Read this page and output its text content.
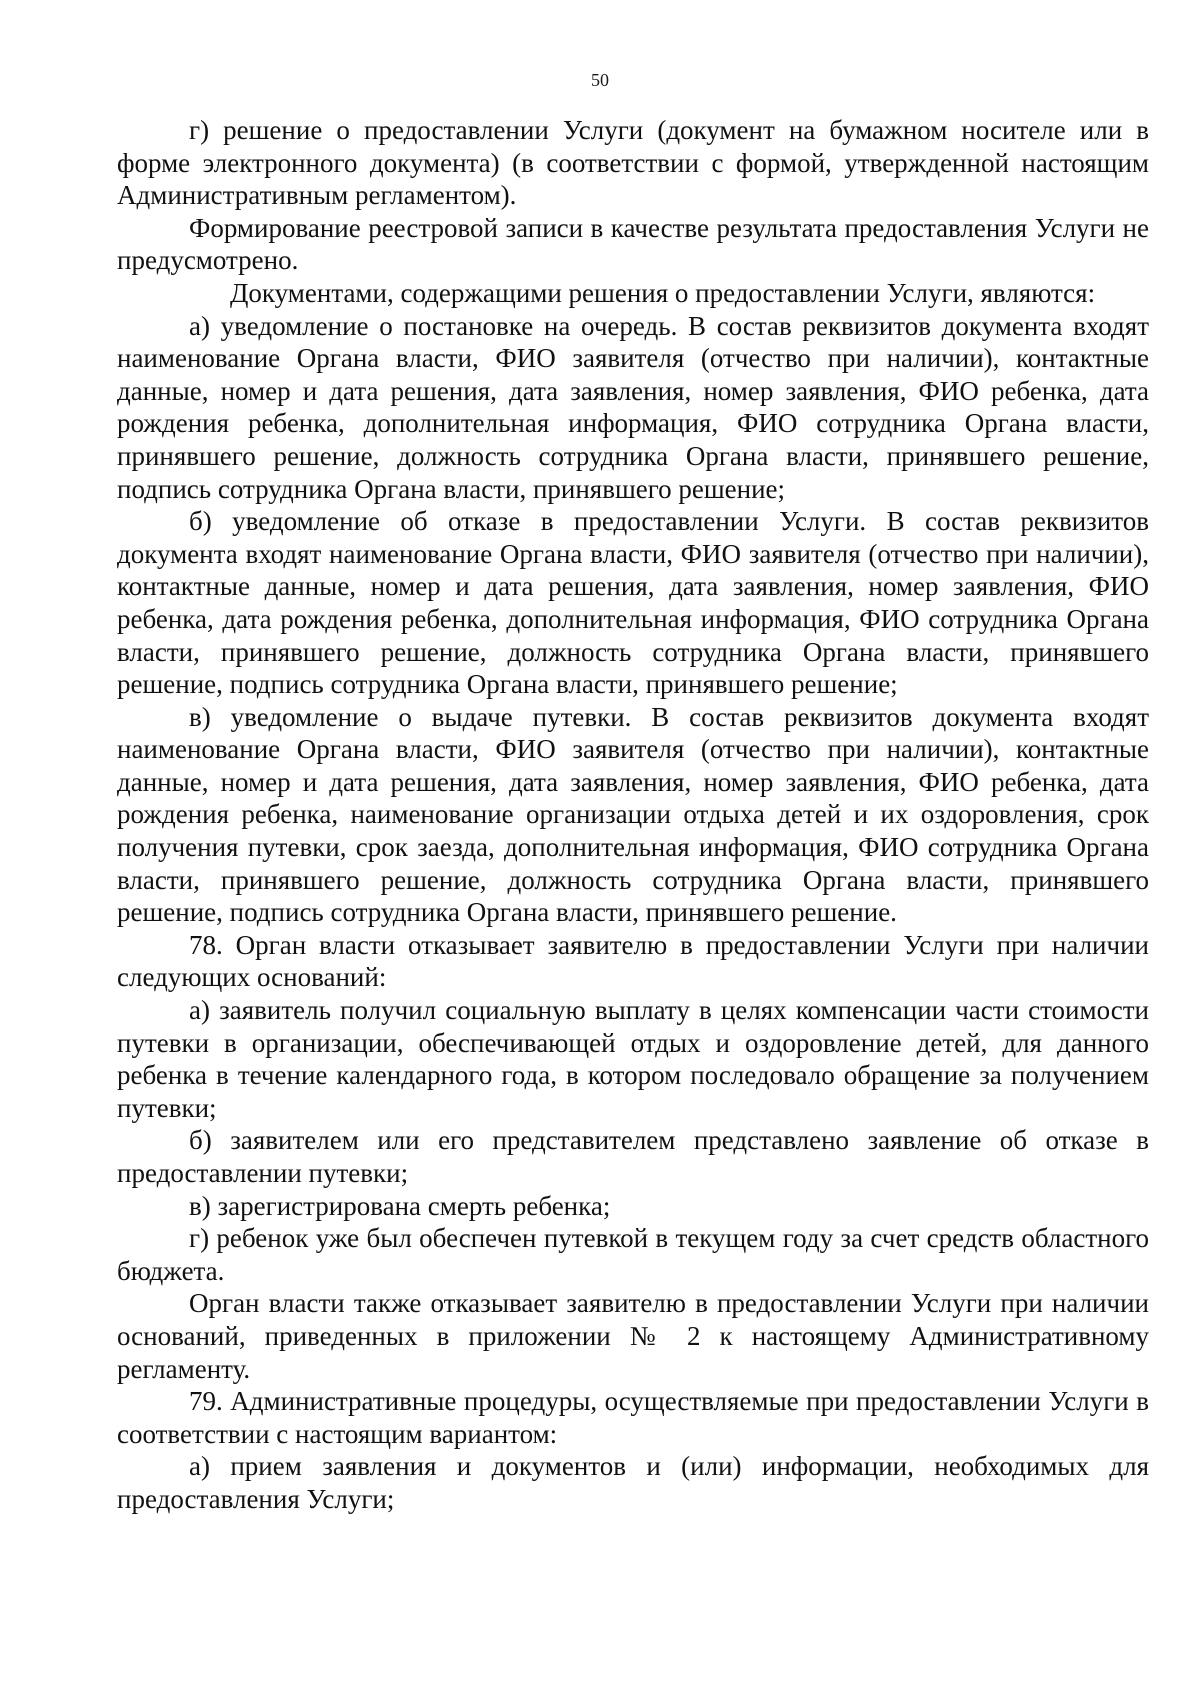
50

г) решение о предоставлении Услуги (документ на бумажном носителе или в форме электронного документа) (в соответствии с формой, утвержденной настоящим Административным регламентом).

Формирование реестровой записи в качестве результата предоставления Услуги не предусмотрено.

Документами, содержащими решения о предоставлении Услуги, являются:

а) уведомление о постановке на очередь. В состав реквизитов документа входят наименование Органа власти, ФИО заявителя (отчество при наличии), контактные данные, номер и дата решения, дата заявления, номер заявления, ФИО ребенка, дата рождения ребенка, дополнительная информация, ФИО сотрудника Органа власти, принявшего решение, должность сотрудника Органа власти, принявшего решение, подпись сотрудника Органа власти, принявшего решение;

б) уведомление об отказе в предоставлении Услуги. В состав реквизитов документа входят наименование Органа власти, ФИО заявителя (отчество при наличии), контактные данные, номер и дата решения, дата заявления, номер заявления, ФИО ребенка, дата рождения ребенка, дополнительная информация, ФИО сотрудника Органа власти, принявшего решение, должность сотрудника Органа власти, принявшего решение, подпись сотрудника Органа власти, принявшего решение;

в) уведомление о выдаче путевки. В состав реквизитов документа входят наименование Органа власти, ФИО заявителя (отчество при наличии), контактные данные, номер и дата решения, дата заявления, номер заявления, ФИО ребенка, дата рождения ребенка, наименование организации отдыха детей и их оздоровления, срок получения путевки, срок заезда, дополнительная информация, ФИО сотрудника Органа власти, принявшего решение, должность сотрудника Органа власти, принявшего решение, подпись сотрудника Органа власти, принявшего решение.

78. Орган власти отказывает заявителю в предоставлении Услуги при наличии следующих оснований:

а) заявитель получил социальную выплату в целях компенсации части стоимости путевки в организации, обеспечивающей отдых и оздоровление детей, для данного ребенка в течение календарного года, в котором последовало обращение за получением путевки;

б) заявителем или его представителем представлено заявление об отказе в предоставлении путевки;

в) зарегистрирована смерть ребенка;

г) ребенок уже был обеспечен путевкой в текущем году за счет средств областного бюджета.

Орган власти также отказывает заявителю в предоставлении Услуги при наличии оснований, приведенных в приложении № 2 к настоящему Административному регламенту.

79. Административные процедуры, осуществляемые при предоставлении Услуги в соответствии с настоящим вариантом:

а) прием заявления и документов и (или) информации, необходимых для предоставления Услуги;
